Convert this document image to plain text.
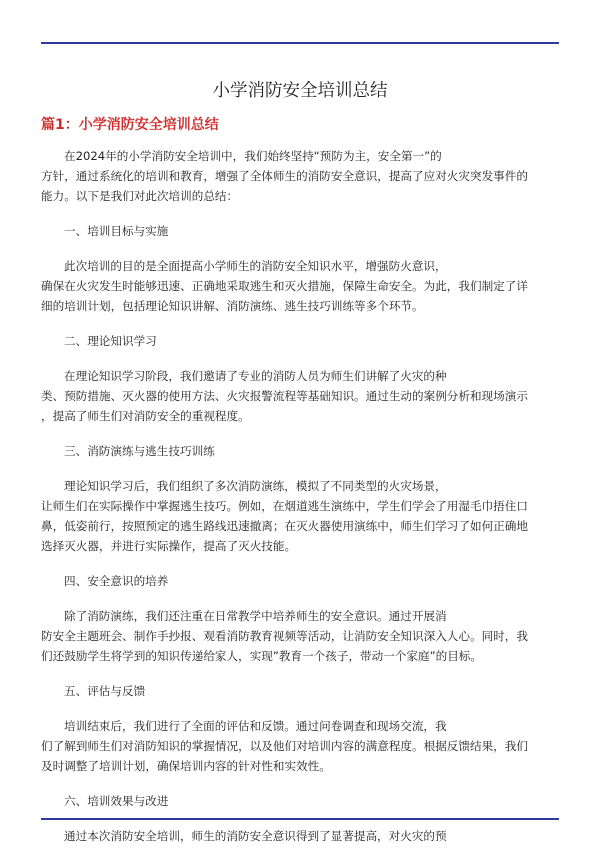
小学消防安全培训总结
篇1：小学消防安全培训总结

在2024年的小学消防安全培训中，我们始终坚持“预防为主，安全第一”的
方针，通过系统化的培训和教育，增强了全体师生的消防安全意识，提高了应对火灾突发事件的
能力。以下是我们对此次培训的总结：

一、培训目标与实施

此次培训的目的是全面提高小学师生的消防安全知识水平，增强防火意识，
确保在火灾发生时能够迅速、正确地采取逃生和灭火措施，保障生命安全。为此，我们制定了详
细的培训计划，包括理论知识讲解、消防演练、逃生技巧训练等多个环节。

二、理论知识学习

在理论知识学习阶段，我们邀请了专业的消防人员为师生们讲解了火灾的种
类、预防措施、灭火器的使用方法、火灾报警流程等基础知识。通过生动的案例分析和现场演示
，提高了师生们对消防安全的重视程度。

三、消防演练与逃生技巧训练

理论知识学习后，我们组织了多次消防演练，模拟了不同类型的火灾场景，
让师生们在实际操作中掌握逃生技巧。例如，在烟道逃生演练中，学生们学会了用湿毛巾捂住口
鼻，低姿前行，按照预定的逃生路线迅速撤离；在灭火器使用演练中，师生们学习了如何正确地
选择灭火器，并进行实际操作，提高了灭火技能。

四、安全意识的培养

除了消防演练，我们还注重在日常教学中培养师生的安全意识。通过开展消
防安全主题班会、制作手抄报、观看消防教育视频等活动，让消防安全知识深入人心。同时，我
们还鼓励学生将学到的知识传递给家人，实现”教育一个孩子，带动一个家庭”的目标。

五、评估与反馈

培训结束后，我们进行了全面的评估和反馈。通过问卷调查和现场交流，我
们了解到师生们对消防知识的掌握情况，以及他们对培训内容的满意程度。根据反馈结果，我们
及时调整了培训计划，确保培训内容的针对性和实效性。

六、培训效果与改进

通过本次消防安全培训，师生的消防安全意识得到了显著提高，对火灾的预
